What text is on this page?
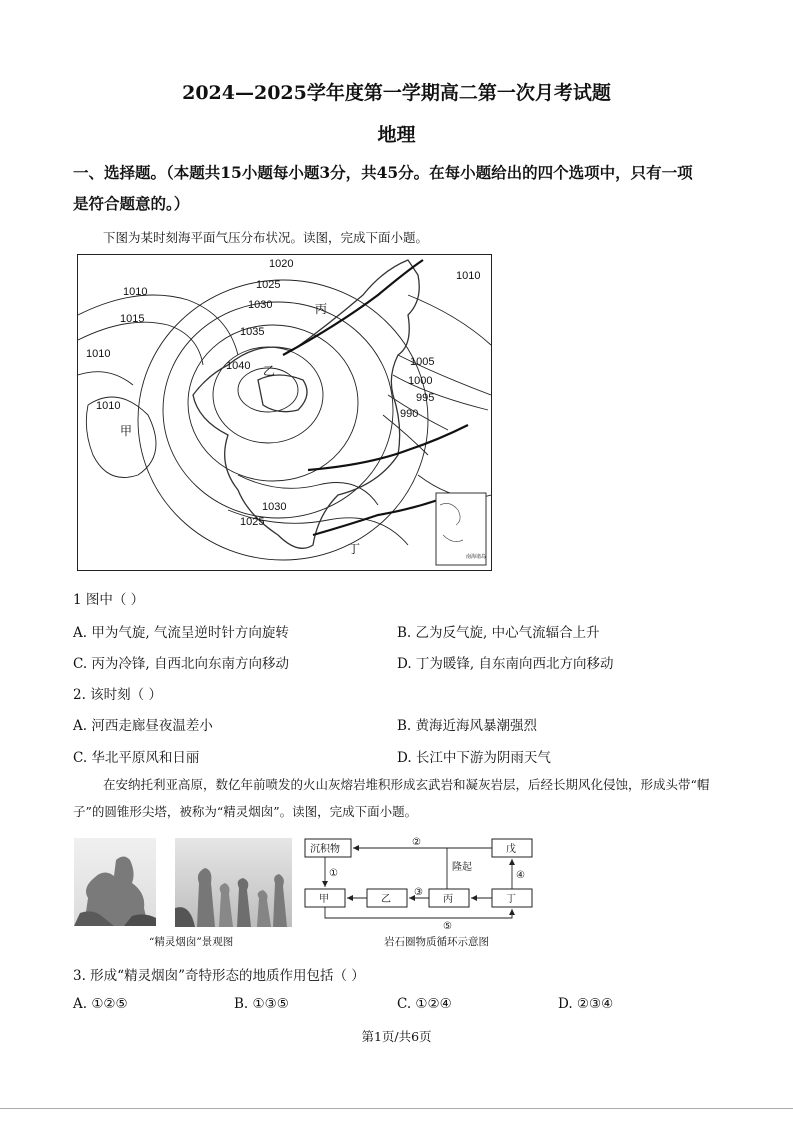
2024—2025学年度第一学期高二第一次月考试题
地理
一、选择题。（本题共15小题每小题3分，共45分。在每小题给出的四个选项中，只有一项
是符合题意的。）
下图为某时刻海平面气压分布状况。读图，完成下面小题。
1020
1025
1030
1035
1040
1010
1015
1010
1010
1010
1005
1000
995
990
1030
1025
甲
乙
丙
丁
南海诸岛
1 图中（ ）
A. 甲为气旋, 气流呈逆时针方向旋转	B. 乙为反气旋, 中心气流辐合上升
C. 丙为冷锋, 自西北向东南方向移动	D. 丁为暖锋, 自东南向西北方向移动
2. 该时刻（ ）
A. 河西走廊昼夜温差小	B. 黄海近海风暴潮强烈
C. 华北平原风和日丽	D. 长江中下游为阴雨天气
在安纳托利亚高原，数亿年前喷发的火山灰熔岩堆积形成玄武岩和凝灰岩层，后经长期风化侵蚀，形成头带“帽子”的圆锥形尖塔，被称为“精灵烟囱”。读图，完成下面小题。
“精灵烟囱”景观图
沉积物	戊
甲	乙	丙	丁
②
①
隆起
③
④
⑤
岩石圈物质循环示意图
3. 形成“精灵烟囱”奇特形态的地质作用包括（ ）
A. ①②⑤	B. ①③⑤	C. ①②④	D. ②③④
第1页/共6页
